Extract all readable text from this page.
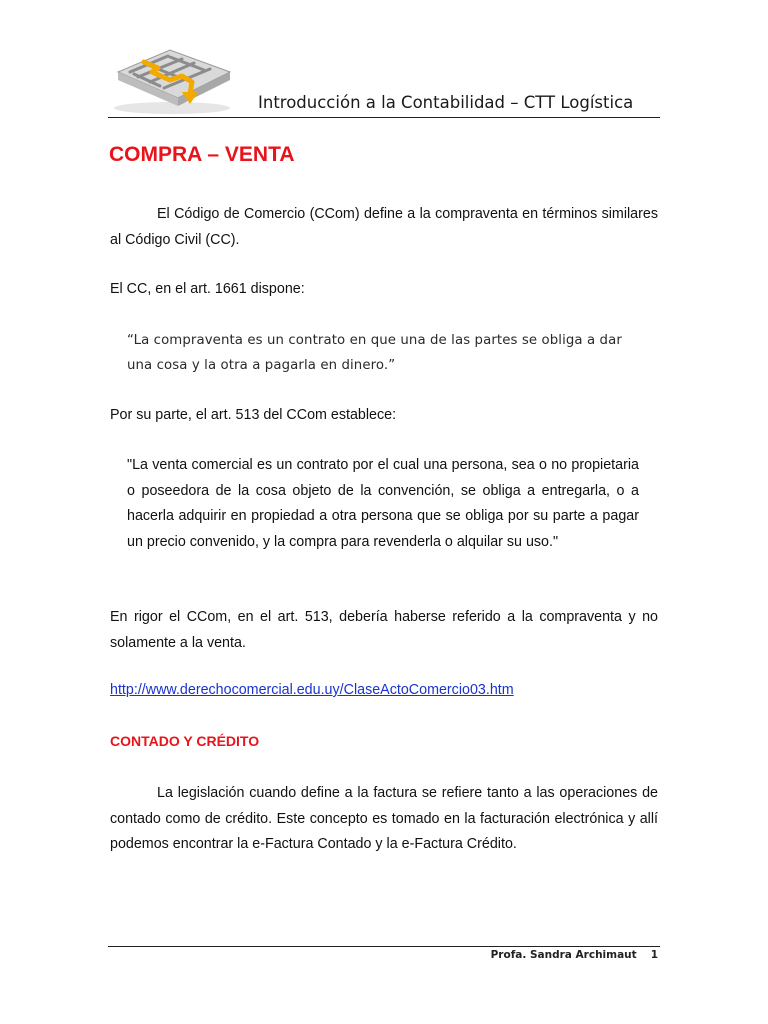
Introducción a la Contabilidad – CTT Logística
COMPRA – VENTA
El Código de Comercio (CCom) define a la compraventa en términos similares al Código Civil (CC).
El CC, en el art. 1661 dispone:
“La compraventa es un contrato en que una de las partes se obliga a dar una cosa y la otra a pagarla en dinero.”
Por su parte, el art. 513 del CCom establece:
"La venta comercial es un contrato por el cual una persona, sea o no propietaria o poseedora de la cosa objeto de la convención, se obliga a entregarla, o a hacerla adquirir en propiedad a otra persona que se obliga por su parte a pagar un precio convenido, y la compra para revenderla o alquilar su uso."
En rigor el CCom, en el art. 513, debería haberse referido a la compraventa y no solamente a la venta.
http://www.derechocomercial.edu.uy/ClaseActoComercio03.htm
CONTADO Y CRÉDITO
La legislación cuando define a la factura se refiere tanto a las operaciones de contado como de crédito. Este concepto es tomado en la facturación electrónica y allí podemos encontrar la e-Factura Contado y la e-Factura Crédito.
Profa. Sandra Archimaut 1
